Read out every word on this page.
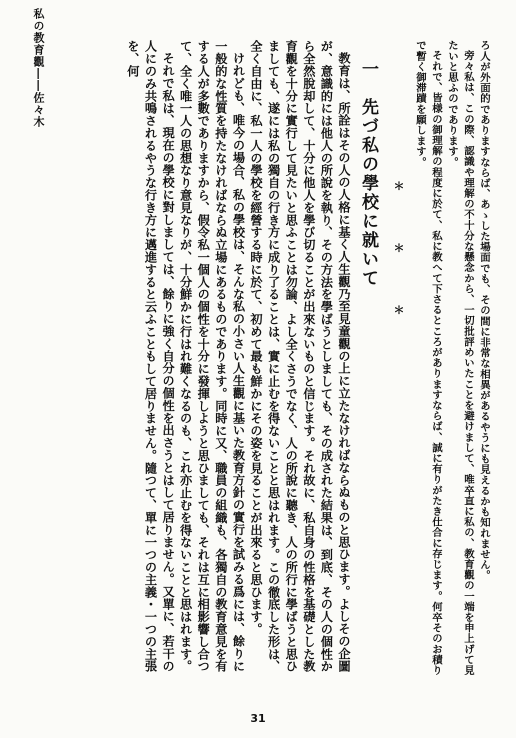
私の教育觀――佐々木	ろ人が外面的でありますならば、あゝした場面でも、その間に非常な相異があるやうにも見えるかも知れません。

旁々私は、この際、認識や理解の不十分な懸念から、一切批評めいたことを避けまして、唯卒直に私の、教育觀の一端を申上げて見たいと思ふのであります。

それで、皆様の御理解の程度に於て、私に教へて下さるところがありますならば、誠に有りがたき仕合に存じます。何卒そのお積りで暫く御滞蹟を願します。

＊　＊　＊

一　先づ私の學校に就いて

教育は、所詮はその人の人格に基く人生觀乃至見童觀の上に立たなければならぬものと思ひます。よしその企圖が、意識的には他人の所說を執り、その方法を學ばうとしましても、その成された結果は、到底、その人の個性から全然脫却して、十分に他人を學び切ることが出來ないものと信じます。それ故に、私自身の性格を基礎とした教育觀を十分に實行して見たいと思ふことは勿論、よし全くさうでなく、人の所說に聽き、人の所行に學ばうと思ひましても、遂には私の獨自の行き方に成り了ることは、實に止むを得ないことと思はれます。この徹底した形は、全く自由に、私一人の學校を經營する時に於て、初めて最も鮮かにその姿を見ることが出來ると思ひます。

けれども、唯今の場合、私の學校は、そんな私の小さい人生觀に基いた教育方針の實行を試みる爲には、餘りに一般的な性質を持たなければならぬ立場にあるものであります。同時に又、職員の組織も、各獨自の教育意見を有する人が多數でありますから、假令私一個人の個性を十分に發揮しようと思ひましても、それは互に相影響し合つて、全く唯一人の思想なり意見なりが、十分鮮かに行はれ難くなるのも、これ亦止むを得ないことと思はれます。

それで私は、現在の學校に對しましては、餘りに強く自分の個性を出さうとはして居りません。又單に、若干の人にのみ共鳴されるやうな行き方に邁進すると云ふこともして居りません。隨つて、單に一つの主義・一つの主張を、何

31
